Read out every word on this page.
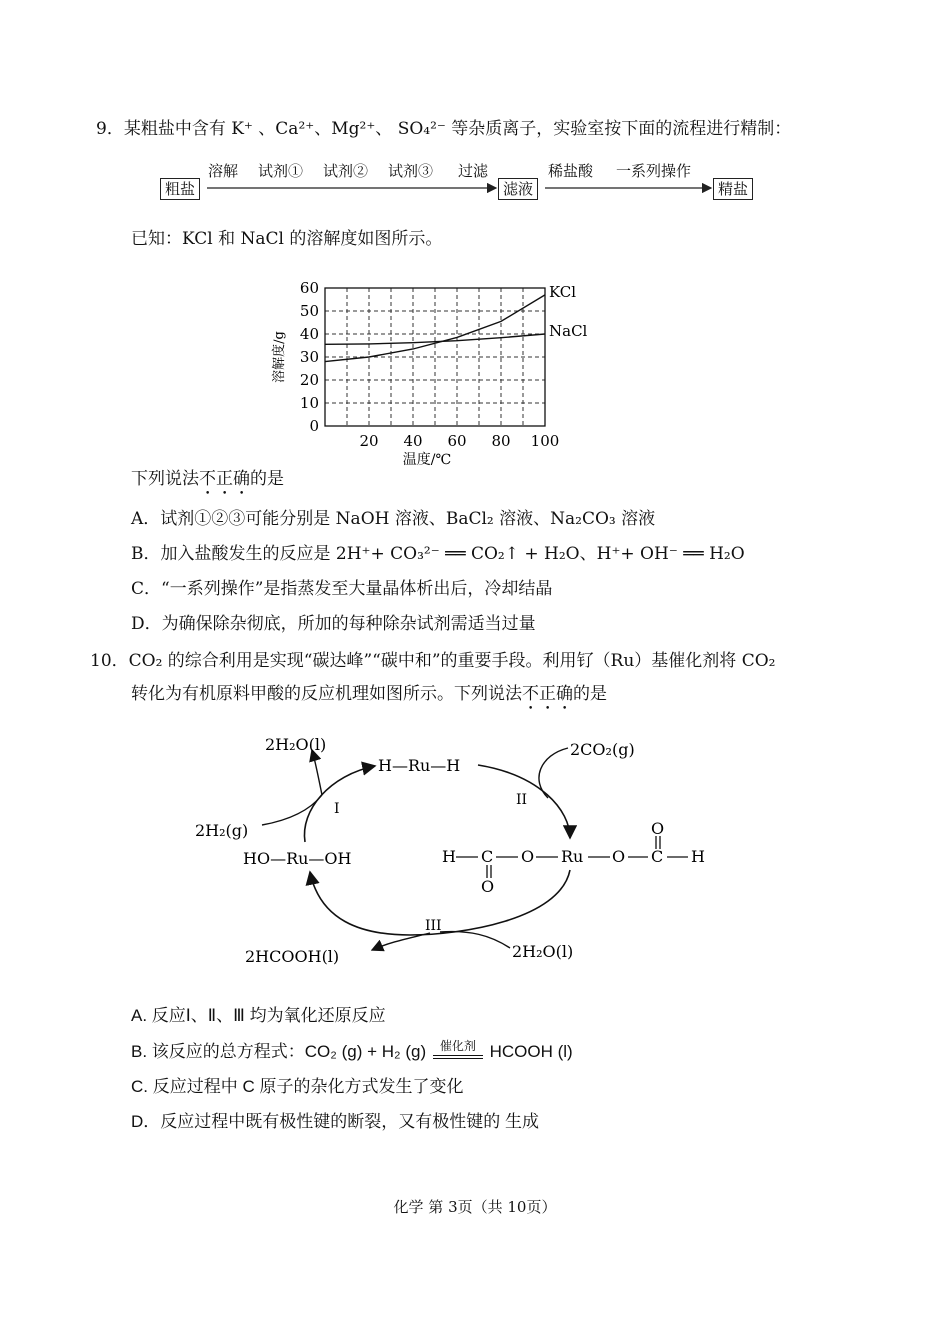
9．某粗盐中含有 K⁺ 、Ca²⁺、Mg²⁺、 SO₄²⁻ 等杂质离子，实验室按下面的流程进行精制：
粗盐
溶解 试剂① 试剂② 试剂③ 过滤
滤液
稀盐酸 一系列操作
精盐
已知：KCl 和 NaCl 的溶解度如图所示。
0
10
20
30
40
50
60
20 40 60 80 100
溶解度/g
温度/℃
KCl
NaCl
下列说法不正确的是
A．试剂①②③可能分别是 NaOH 溶液、BaCl₂ 溶液、Na₂CO₃ 溶液
B．加入盐酸发生的反应是 2H⁺+ CO₃²⁻ ══ CO₂↑ + H₂O、H⁺+ OH⁻ ══ H₂O
C．“一系列操作”是指蒸发至大量晶体析出后，冷却结晶
D．为确保除杂彻底，所加的每种除杂试剂需适当过量
10．CO₂ 的综合利用是实现“碳达峰”“碳中和”的重要手段。利用钌（Ru）基催化剂将 CO₂
转化为有机原料甲酸的反应机理如图所示。下列说法不正确的是
2H₂O(l)
H—Ru—H
2CO₂(g)
I
II
2H₂(g)
HO—Ru—OH	H C
O
O Ru O C
O
H
III
2HCOOH(l)	2H₂O(l)
A. 反应Ⅰ、Ⅱ、Ⅲ 均为氧化还原反应
B. 该反应的总方程式：CO₂ (g) + H₂ (g) 催化剂 HCOOH (l)
C. 反应过程中 C 原子的杂化方式发生了变化
D．反应过程中既有极性键的断裂，又有极性键的 生成
化学 第 3页（共 10页）
